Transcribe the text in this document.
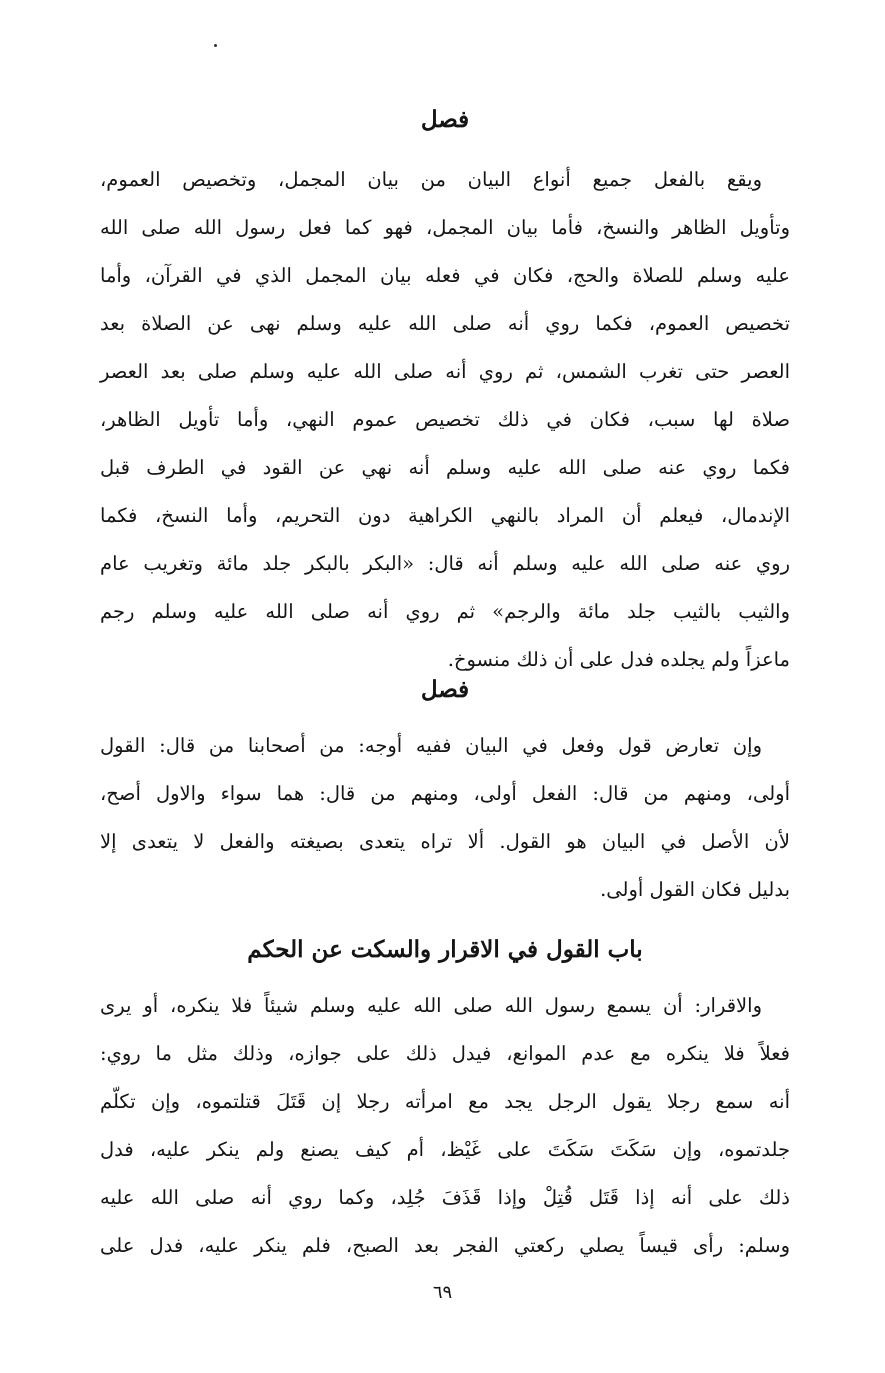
فصل
ويقع بالفعل جميع أنواع البيان من بيان المجمل، وتخصيص العموم،
وتأويل الظاهر والنسخ، فأما بيان المجمل، فهو كما فعل رسول الله صلى الله
عليه وسلم للصلاة والحج، فكان في فعله بيان المجمل الذي في القرآن، وأما
تخصيص العموم، فكما روي أنه صلى الله عليه وسلم نهى عن الصلاة بعد
العصر حتى تغرب الشمس، ثم روي أنه صلى الله عليه وسلم صلى بعد العصر
صلاة لها سبب، فكان في ذلك تخصيص عموم النهي، وأما تأويل الظاهر،
فكما روي عنه صلى الله عليه وسلم أنه نهي عن القود في الطرف قبل
الإندمال، فيعلم أن المراد بالنهي الكراهية دون التحريم، وأما النسخ، فكما
روي عنه صلى الله عليه وسلم أنه قال: «البكر بالبكر جلد مائة وتغريب عام
والثيب بالثيب جلد مائة والرجم» ثم روي أنه صلى الله عليه وسلم رجم
ماعزاً ولم يجلده فدل على أن ذلك منسوخ.
فصل
وإن تعارض قول وفعل في البيان ففيه أوجه: من أصحابنا من قال: القول
أولى، ومنهم من قال: الفعل أولى، ومنهم من قال: هما سواء والاول أصح،
لأن الأصل في البيان هو القول. ألا تراه يتعدى بصيغته والفعل لا يتعدى إلا
بدليل فكان القول أولى.
باب القول في الاقرار والسكت عن الحكم
والاقرار: أن يسمع رسول الله صلى الله عليه وسلم شيئاً فلا ينكره، أو يرى
فعلاً فلا ينكره مع عدم الموانع، فيدل ذلك على جوازه، وذلك مثل ما روي:
أنه سمع رجلا يقول الرجل يجد مع امرأته رجلا إن قَتَلَ قتلتموه، وإن تكلّم
جلدتموه، وإن سَكَتَ سَكَتَ على غَيْظ، أم كيف يصنع ولم ينكر عليه، فدل
ذلك على أنه إذا قَتَل قُتِلْ وإذا قَذَفَ جُلِد، وكما روي أنه صلى الله عليه
وسلم: رأى قيساً يصلي ركعتي الفجر بعد الصبح، فلم ينكر عليه، فدل على
٦٩
